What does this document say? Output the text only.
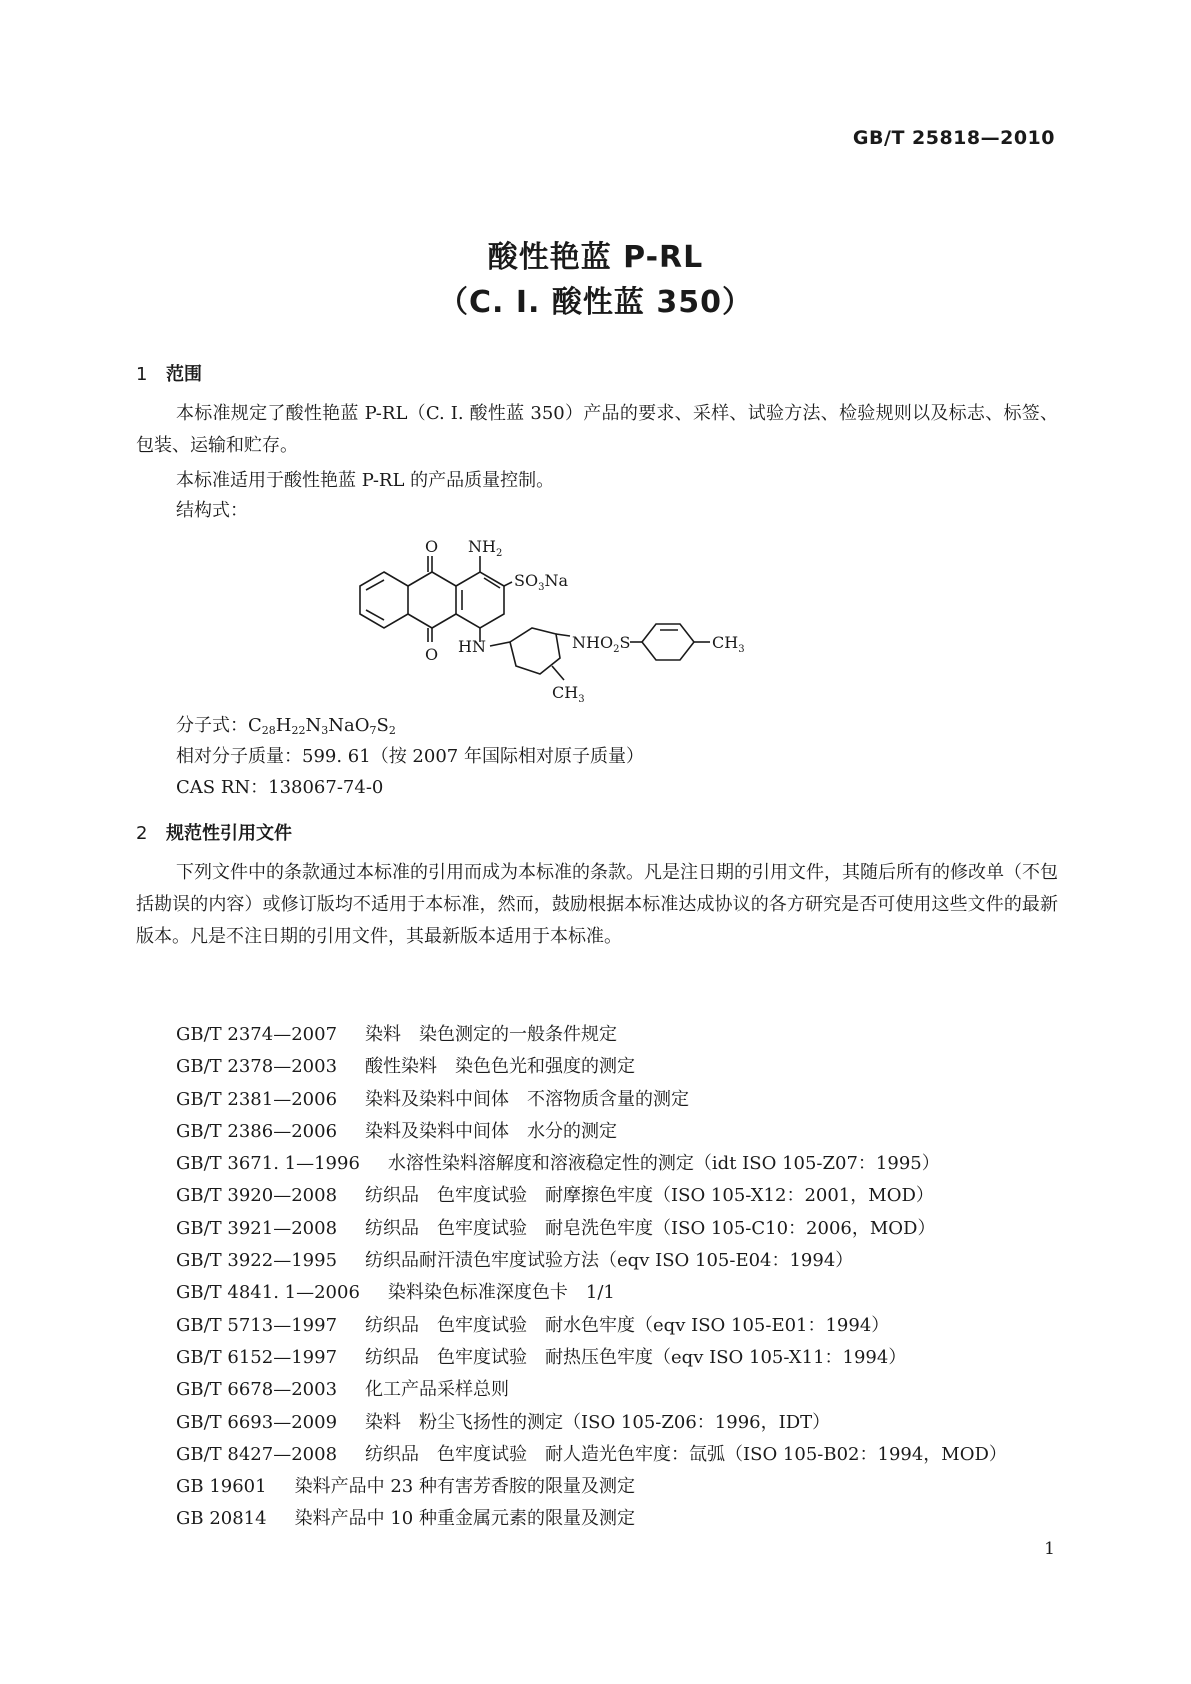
GB/T 25818—2010
酸性艳蓝 P-RL
（C. I. 酸性蓝 350）
1 范围
本标准规定了酸性艳蓝 P-RL（C. I. 酸性蓝 350）产品的要求、采样、试验方法、检验规则以及标志、标签、包装、运输和贮存。
本标准适用于酸性艳蓝 P-RL 的产品质量控制。
结构式：
O
O
$NH_2$
$SO_3Na$
HN	$NHO_2S$	$CH_3$
$CH_3$
分子式：$C_{28}H_{22}N_3NaO_7S_2$
相对分子质量：599. 61（按 2007 年国际相对原子质量）
CAS RN：138067-74-0
2 规范性引用文件
下列文件中的条款通过本标准的引用而成为本标准的条款。凡是注日期的引用文件，其随后所有的修改单（不包括勘误的内容）或修订版均不适用于本标准，然而，鼓励根据本标准达成协议的各方研究是否可使用这些文件的最新版本。凡是不注日期的引用文件，其最新版本适用于本标准。
GB/T 2374—2007 染料　染色测定的一般条件规定
GB/T 2378—2003 酸性染料　染色色光和强度的测定
GB/T 2381—2006 染料及染料中间体　不溶物质含量的测定
GB/T 2386—2006 染料及染料中间体　水分的测定
GB/T 3671. 1—1996 水溶性染料溶解度和溶液稳定性的测定（idt ISO 105-Z07：1995）
GB/T 3920—2008 纺织品　色牢度试验　耐摩擦色牢度（ISO 105-X12：2001，MOD）
GB/T 3921—2008 纺织品　色牢度试验　耐皂洗色牢度（ISO 105-C10：2006，MOD）
GB/T 3922—1995 纺织品耐汗渍色牢度试验方法（eqv ISO 105-E04：1994）
GB/T 4841. 1—2006 染料染色标准深度色卡　1/1
GB/T 5713—1997 纺织品　色牢度试验　耐水色牢度（eqv ISO 105-E01：1994）
GB/T 6152—1997 纺织品　色牢度试验　耐热压色牢度（eqv ISO 105-X11：1994）
GB/T 6678—2003 化工产品采样总则
GB/T 6693—2009 染料　粉尘飞扬性的测定（ISO 105-Z06：1996，IDT）
GB/T 8427—2008 纺织品　色牢度试验　耐人造光色牢度：氙弧（ISO 105-B02：1994，MOD）
GB 19601 染料产品中 23 种有害芳香胺的限量及测定
GB 20814 染料产品中 10 种重金属元素的限量及测定
1
